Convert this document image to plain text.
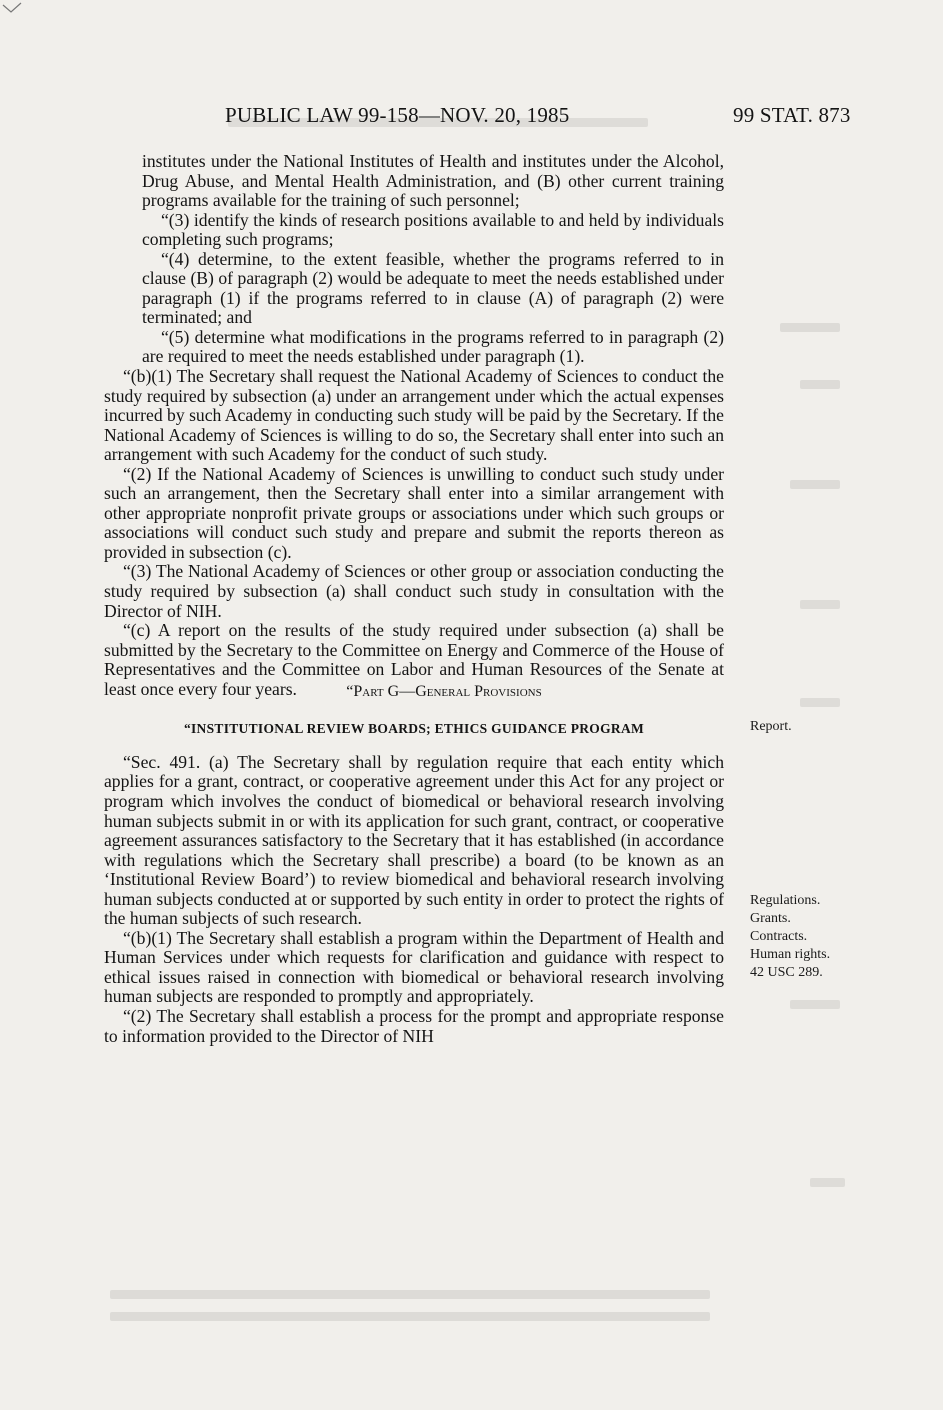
PUBLIC LAW 99-158—NOV. 20, 1985	99 STAT. 873

institutes under the National Institutes of Health and institutes under the Alcohol, Drug Abuse, and Mental Health Administration, and (B) other current training programs available for the training of such personnel;

“(3) identify the kinds of research positions available to and held by individuals completing such programs;

“(4) determine, to the extent feasible, whether the programs referred to in clause (B) of paragraph (2) would be adequate to meet the needs established under paragraph (1) if the programs referred to in clause (A) of paragraph (2) were terminated; and

“(5) determine what modifications in the programs referred to in paragraph (2) are required to meet the needs established under paragraph (1).

“(b)(1) The Secretary shall request the National Academy of Sciences to conduct the study required by subsection (a) under an arrangement under which the actual expenses incurred by such Academy in conducting such study will be paid by the Secretary. If the National Academy of Sciences is willing to do so, the Secretary shall enter into such an arrangement with such Academy for the conduct of such study.

“(2) If the National Academy of Sciences is unwilling to conduct such study under such an arrangement, then the Secretary shall enter into a similar arrangement with other appropriate nonprofit private groups or associations under which such groups or associations will conduct such study and prepare and submit the reports thereon as provided in subsection (c).

“(3) The National Academy of Sciences or other group or association conducting the study required by subsection (a) shall conduct such study in consultation with the Director of NIH.

“(c) A report on the results of the study required under subsection (a) shall be submitted by the Secretary to the Committee on Energy and Commerce of the House of Representatives and the Committee on Labor and Human Resources of the Senate at least once every four years.	“Part G—General Provisions

“INSTITUTIONAL REVIEW BOARDS; ETHICS GUIDANCE PROGRAM

“Sec. 491. (a) The Secretary shall by regulation require that each entity which applies for a grant, contract, or cooperative agreement under this Act for any project or program which involves the conduct of biomedical or behavioral research involving human subjects submit in or with its application for such grant, contract, or cooperative agreement assurances satisfactory to the Secretary that it has established (in accordance with regulations which the Secretary shall prescribe) a board (to be known as an ‘Institutional Review Board’) to review biomedical and behavioral research involving human subjects conducted at or supported by such entity in order to protect the rights of the human subjects of such research.

“(b)(1) The Secretary shall establish a program within the Department of Health and Human Services under which requests for clarification and guidance with respect to ethical issues raised in connection with biomedical or behavioral research involving human subjects are responded to promptly and appropriately.

“(2) The Secretary shall establish a process for the prompt and appropriate response to information provided to the Director of NIH

Report.
Regulations.
Grants.
Contracts.
Human rights.
42 USC 289.
